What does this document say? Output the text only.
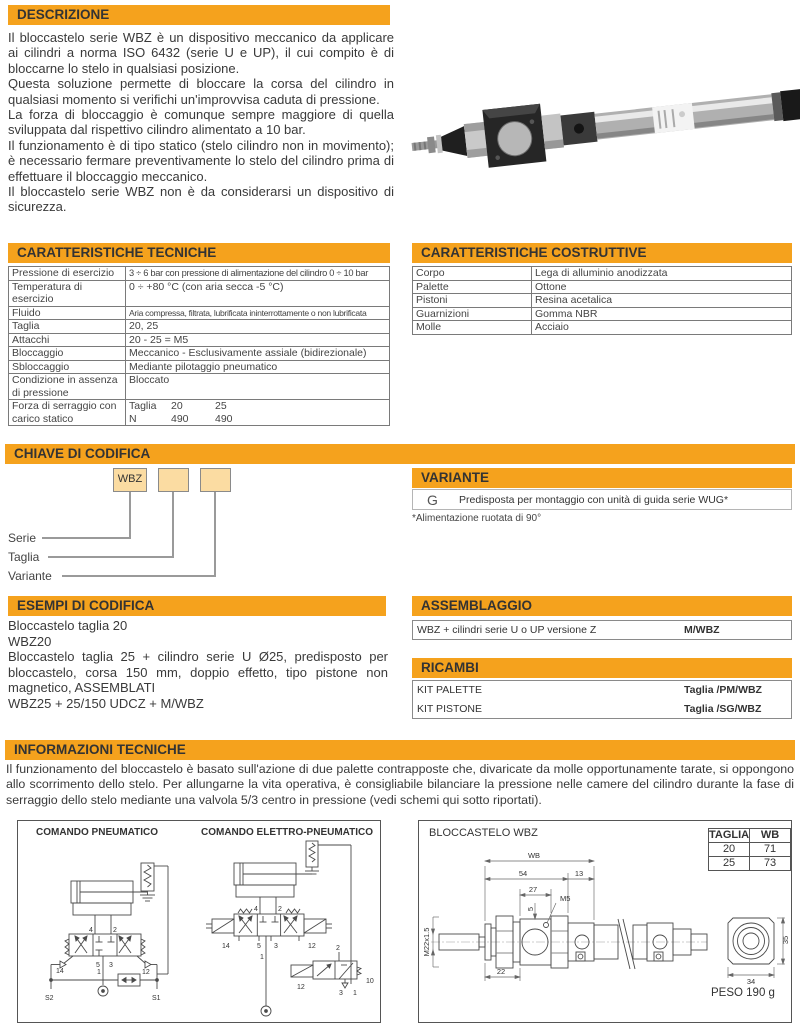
DESCRIZIONE

Il bloccastelo serie WBZ è un dispositivo meccanico da applicare ai cilindri a norma ISO 6432 (serie U e UP), il cui compito è di bloccarne lo stelo in qualsiasi posizione.

Questa soluzione permette di bloccare la corsa del cilindro in qualsiasi momento si verifichi un'improvvisa caduta di pressione.

La forza di bloccaggio è comunque sempre maggiore di quella sviluppata dal rispettivo cilindro alimentato a 10 bar.

Il funzionamento è di tipo statico (stelo cilindro non in movimento); è necessario fermare preventivamente lo stelo del cilindro prima di effettuare il bloccaggio meccanico.

Il bloccastelo serie WBZ non è da considerarsi un dispositivo di sicurezza.

CARATTERISTICHE TECNICHE
Pressione di esercizio	3 ÷ 6 bar con pressione di alimentazione del cilindro 0 ÷ 10 bar
Temperatura di esercizio	0 ÷ +80 °C (con aria secca -5 °C)
Fluido	Aria compressa, filtrata, lubrificata ininterrottamente o non lubrificata
Taglia	20, 25
Attacchi	20 - 25 = M5
Bloccaggio	Meccanico - Esclusivamente assiale (bidirezionale)
Sbloccaggio	Mediante pilotaggio pneumatico
Condizione in assenza di pressione	Bloccato
Forza di serraggio con carico statico	Taglia 20 25
N 490 490
CARATTERISTICHE COSTRUTTIVE
Corpo	Lega di alluminio anodizzata
Palette	Ottone
Pistoni	Resina acetalica
Guarnizioni	Gomma NBR
Molle	Acciaio
CHIAVE DI CODIFICA
WBZ
Serie
Taglia
Variante
VARIANTE
G Predisposta per montaggio con unità di guida serie WUG*
*Alimentazione ruotata di 90°
ESEMPI DI CODIFICA

Bloccastelo taglia 20

WBZ20

Bloccastelo taglia 25 + cilindro serie U Ø25, predisposto per bloccastelo, corsa 150 mm, doppio effetto, tipo pistone non magnetico, ASSEMBLATI

WBZ25 + 25/150 UDCZ + M/WBZ

ASSEMBLAGGIO
WBZ + cilindri serie U o UP versione Z	M/WBZ
RICAMBI
KIT PALETTE	Taglia /PM/WBZ
KIT PISTONE	Taglia /SG/WBZ
INFORMAZIONI TECNICHE
Il funzionamento del bloccastelo è basato sull'azione di due palette contrapposte che, divaricate da molle opportunamente tarate, si oppongono allo scorrimento dello stelo. Per allungarne la vita operativa, è consigliabile bilanciare la pressione nelle camere del cilindro durante la fase di serraggio dello stelo mediante una valvola 5/3 centro in pressione (vedi schemi qui sotto riportati).
COMANDO PNEUMATICO	COMANDO ELETTRO-PNEUMATICO
4	2
14
5 3
12
1
S2	S1
4	2
14	5 3	12
1
2
12
3 1
10
BLOCCASTELO WBZ	TAGLIA	WB
20	71
25	73
PESO 190 g
WB
54	13
27
5
M5
22
M22x1.5	35
34
